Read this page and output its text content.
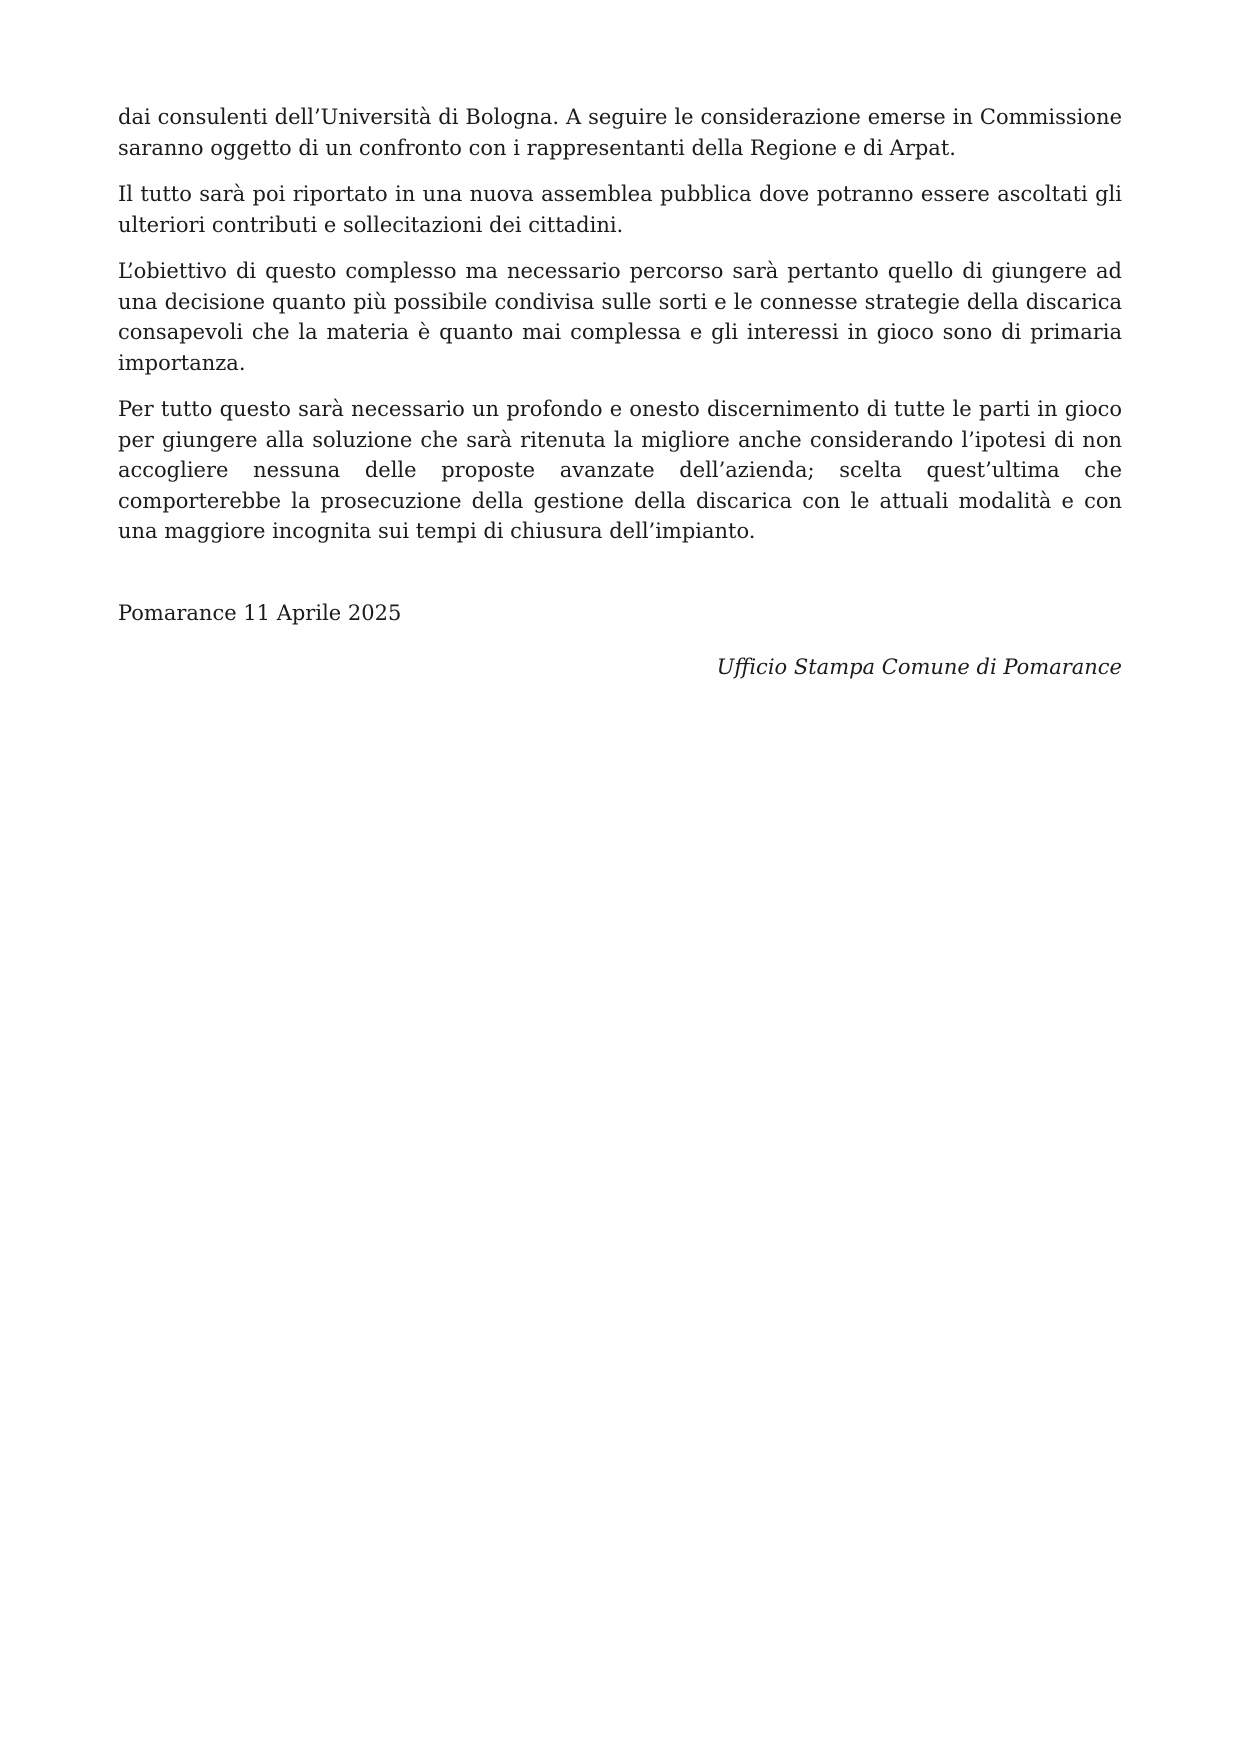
dai consulenti dell’Università di Bologna. A seguire le considerazione emerse in Commissione saranno oggetto di un confronto con i rappresentanti della Regione e di Arpat.

Il tutto sarà poi riportato in una nuova assemblea pubblica dove potranno essere ascoltati gli ulteriori contributi e sollecitazioni dei cittadini.

L’obiettivo di questo complesso ma necessario percorso sarà pertanto quello di giungere ad una decisione quanto più possibile condivisa sulle sorti e le connesse strategie della discarica consapevoli che la materia è quanto mai complessa e gli interessi in gioco sono di primaria importanza.

Per tutto questo sarà necessario un profondo e onesto discernimento di tutte le parti in gioco per giungere alla soluzione che sarà ritenuta la migliore anche considerando l’ipotesi di non accogliere nessuna delle proposte avanzate dell’azienda; scelta quest’ultima che comporterebbe la prosecuzione della gestione della discarica con le attuali modalità e con una maggiore incognita sui tempi di chiusura dell’impianto.

Pomarance 11 Aprile 2025
Ufficio Stampa Comune di Pomarance
